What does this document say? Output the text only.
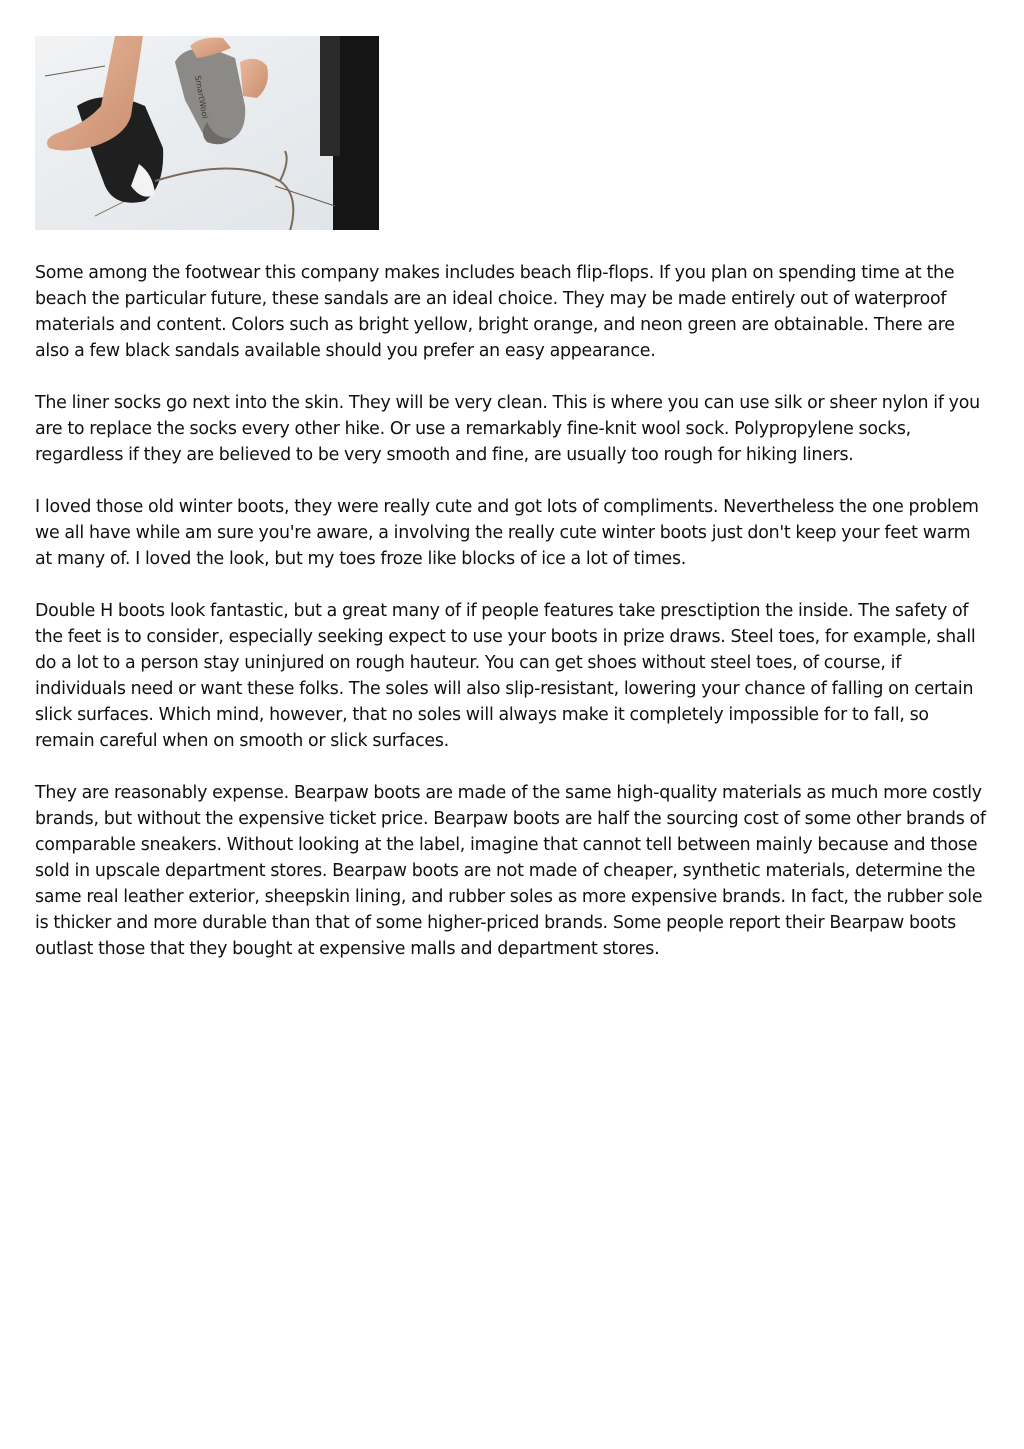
SmartWool

Some among the footwear this company makes includes beach flip-flops. If you plan on spending time at the beach the particular future, these sandals are an ideal choice. They may be made entirely out of waterproof materials and content. Colors such as bright yellow, bright orange, and neon green are obtainable. There are also a few black sandals available should you prefer an easy appearance.

The liner socks go next into the skin. They will be very clean. This is where you can use silk or sheer nylon if you are to replace the socks every other hike. Or use a remarkably fine-knit wool sock. Polypropylene socks, regardless if they are believed to be very smooth and fine, are usually too rough for hiking liners.

I loved those old winter boots, they were really cute and got lots of compliments. Nevertheless the one problem we all have while am sure you're aware, a involving the really cute winter boots just don't keep your feet warm at many of. I loved the look, but my toes froze like blocks of ice a lot of times.

Double H boots look fantastic, but a great many of if people features take presctiption the inside. The safety of the feet is to consider, especially seeking expect to use your boots in prize draws. Steel toes, for example, shall do a lot to a person stay uninjured on rough hauteur. You can get shoes without steel toes, of course, if individuals need or want these folks. The soles will also slip-resistant, lowering your chance of falling on certain slick surfaces. Which mind, however, that no soles will always make it completely impossible for to fall, so remain careful when on smooth or slick surfaces.

They are reasonably expense. Bearpaw boots are made of the same high-quality materials as much more costly brands, but without the expensive ticket price. Bearpaw boots are half the sourcing cost of some other brands of comparable sneakers. Without looking at the label, imagine that cannot tell between mainly because and those sold in upscale department stores. Bearpaw boots are not made of cheaper, synthetic materials, determine the same real leather exterior, sheepskin lining, and rubber soles as more expensive brands. In fact, the rubber sole is thicker and more durable than that of some higher-priced brands. Some people report their Bearpaw boots outlast those that they bought at expensive malls and department stores.
